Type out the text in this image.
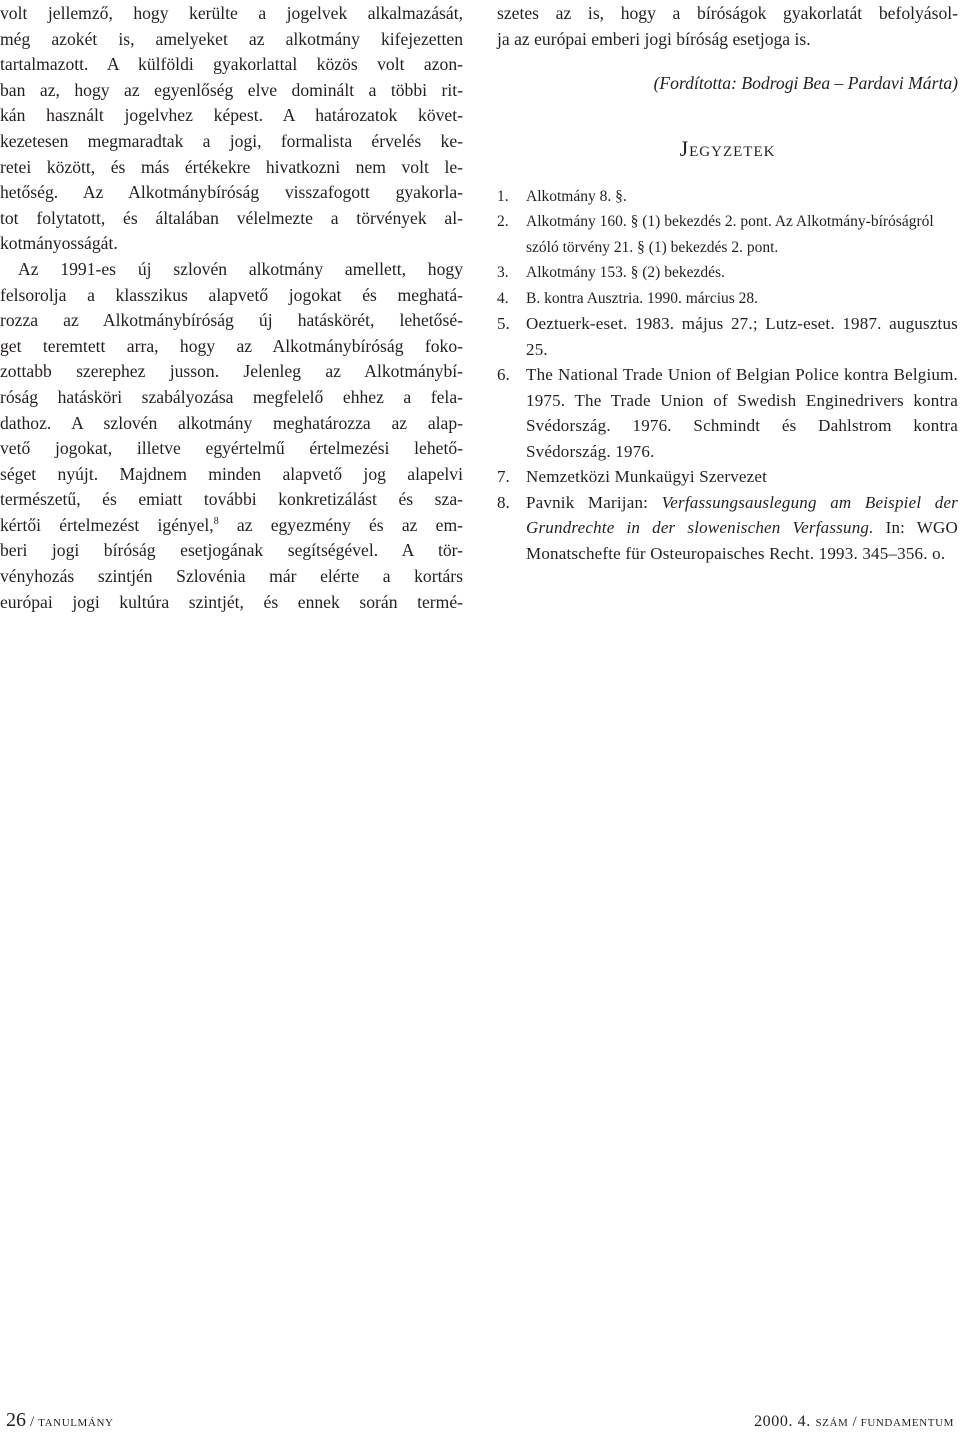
volt jellemző, hogy kerülte a jogelvek alkalmazását,
még azokét is, amelyeket az alkotmány kifejezetten
tartalmazott. A külföldi gyakorlattal közös volt azon-
ban az, hogy az egyenlőség elve dominált a többi rit-
kán használt jogelvhez képest. A határozatok követ-
kezetesen megmaradtak a jogi, formalista érvelés ke-
retei között, és más értékekre hivatkozni nem volt le-
hetőség. Az Alkotmánybíróság visszafogott gyakorla-
tot folytatott, és általában vélelmezte a törvények al-
kotmányosságát.
Az 1991-es új szlovén alkotmány amellett, hogy
felsorolja a klasszikus alapvető jogokat és meghatá-
rozza az Alkotmánybíróság új hatáskörét, lehetősé-
get teremtett arra, hogy az Alkotmánybíróság foko-
zottabb szerephez jusson. Jelenleg az Alkotmánybí-
róság hatásköri szabályozása megfelelő ehhez a fela-
dathoz. A szlovén alkotmány meghatározza az alap-
vető jogokat, illetve egyértelmű értelmezési lehető-
séget nyújt. Majdnem minden alapvető jog alapelvi
természetű, és emiatt további konkretizálást és sza-
kértői értelmezést igényel,$^8$ az egyezmény és az em-
beri jogi bíróság esetjogának segítségével. A tör-
vényhozás szintjén Szlovénia már elérte a kortárs
európai jogi kultúra szintjét, és ennek során termé-
szetes az is, hogy a bíróságok gyakorlatát befolyásol-
ja az európai emberi jogi bíróság esetjoga is.
(Fordította: Bodrogi Bea – Pardavi Márta)
Jegyzetek
1. Alkotmány 8. §.
2. Alkotmány 160. § (1) bekezdés 2. pont. Az Alkotmány-bíróságról szóló törvény 21. § (1) bekezdés 2. pont.
3. Alkotmány 153. § (2) bekezdés.
4. B. kontra Ausztria. 1990. március 28.
5. Oeztuerk-eset. 1983. május 27.; Lutz-eset. 1987. augusztus 25.
6. The National Trade Union of Belgian Police kontra Belgium. 1975. The Trade Union of Swedish Enginedrivers kontra Svédország. 1976. Schmindt és Dahlstrom kontra Svédország. 1976.
7. Nemzetközi Munkaügyi Szervezet
8. Pavnik Marijan: Verfassungsauslegung am Beispiel der Grundrechte in der slowenischen Verfassung. In: WGO Monatschefte für Osteuropaisches Recht. 1993. 345–356. o.
26 / tanulmány	2000. 4. szám / fundamentum
